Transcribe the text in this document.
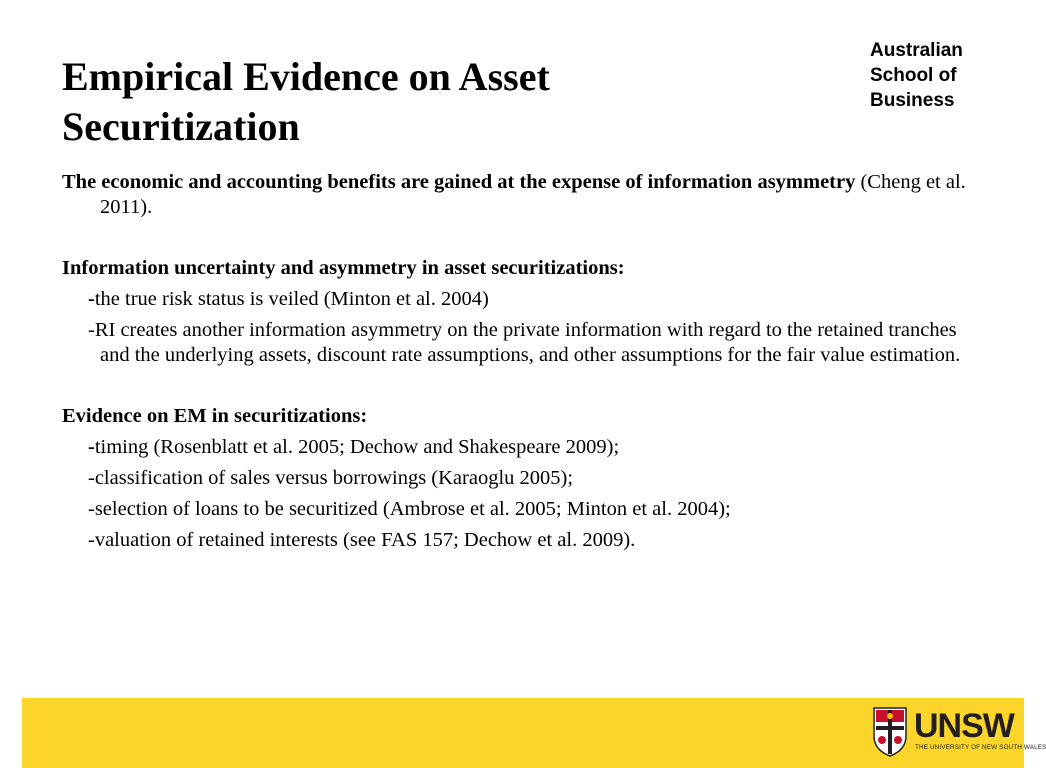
Empirical Evidence on Asset Securitization
Australian
School of
Business

The economic and accounting benefits are gained at the expense of information asymmetry (Cheng et al. 2011).

Information uncertainty and asymmetry in asset securitizations:

-the true risk status is veiled (Minton et al. 2004)

-RI creates another information asymmetry on the private information with regard to the retained tranches and the underlying assets, discount rate assumptions, and other assumptions for the fair value estimation.

Evidence on EM in securitizations:

-timing (Rosenblatt et al. 2005; Dechow and Shakespeare 2009);

-classification of sales versus borrowings (Karaoglu 2005);

-selection of loans to be securitized (Ambrose et al. 2005; Minton et al. 2004);

-valuation of retained interests (see FAS 157; Dechow et al. 2009).

UNSW
THE UNIVERSITY OF NEW SOUTH WALES
